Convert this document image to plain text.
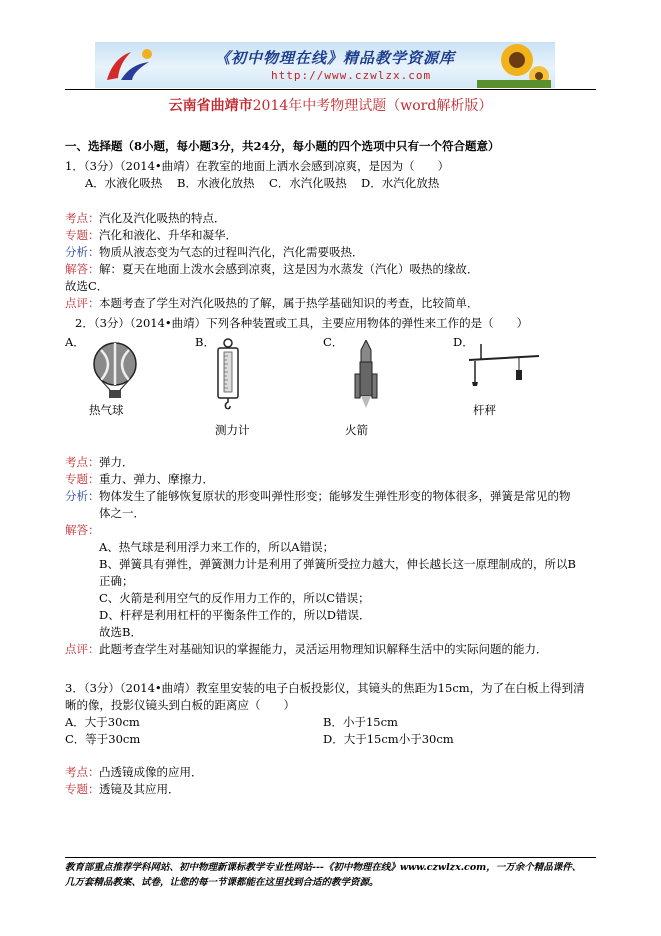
《初中物理在线》精品教学资源库
http://www.czwlzx.com
云南省曲靖市2014年中考物理试题（word解析版）
一、选择题（8小题，每小题3分，共24分，每小题的四个选项中只有一个符合题意）
1．（3分）（2014•曲靖）在教室的地面上洒水会感到凉爽，是因为（　　）
A．水液化吸热 B．水液化放热 C．水汽化吸热 D．水汽化放热
考点：汽化及汽化吸热的特点．
专题：汽化和液化、升华和凝华．
分析：物质从液态变为气态的过程叫汽化，汽化需要吸热．
解答：解：夏天在地面上泼水会感到凉爽，这是因为水蒸发（汽化）吸热的缘故．
故选C．
点评：本题考查了学生对汽化吸热的了解，属于热学基础知识的考查，比较简单．
2．（3分）（2014•曲靖）下列各种装置或工具，主要应用物体的弹性来工作的是（　　）
A．
热气球
B．
测力计
C．
火箭
D．
杆秤
考点：弹力．
专题：重力、弹力、摩擦力．
分析：物体发生了能够恢复原状的形变叫弹性形变；能够发生弹性形变的物体很多，弹簧是常见的物
体之一．
解答：
A、热气球是利用浮力来工作的，所以A错误；
B、弹簧具有弹性，弹簧测力计是利用了弹簧所受拉力越大，伸长越长这一原理制成的，所以B
正确；
C、火箭是利用空气的反作用力工作的，所以C错误；
D、杆秤是利用杠杆的平衡条件工作的，所以D错误．
故选B．
点评：此题考查学生对基础知识的掌握能力，灵活运用物理知识解释生活中的实际问题的能力．
3．（3分）（2014•曲靖）教室里安装的电子白板投影仪，其镜头的焦距为15cm，为了在白板上得到清
晰的像，投影仪镜头到白板的距离应（　　）
A．大于30cm	B．小于15cm
C．等于30cm	D．大于15cm小于30cm
考点：凸透镜成像的应用．
专题：透镜及其应用．
教育部重点推荐学科网站、初中物理新课标教学专业性网站---《初中物理在线》www.czwlzx.com，一万余个精品课件、
几万套精品教案、试卷，让您的每一节课都能在这里找到合适的教学资源。
